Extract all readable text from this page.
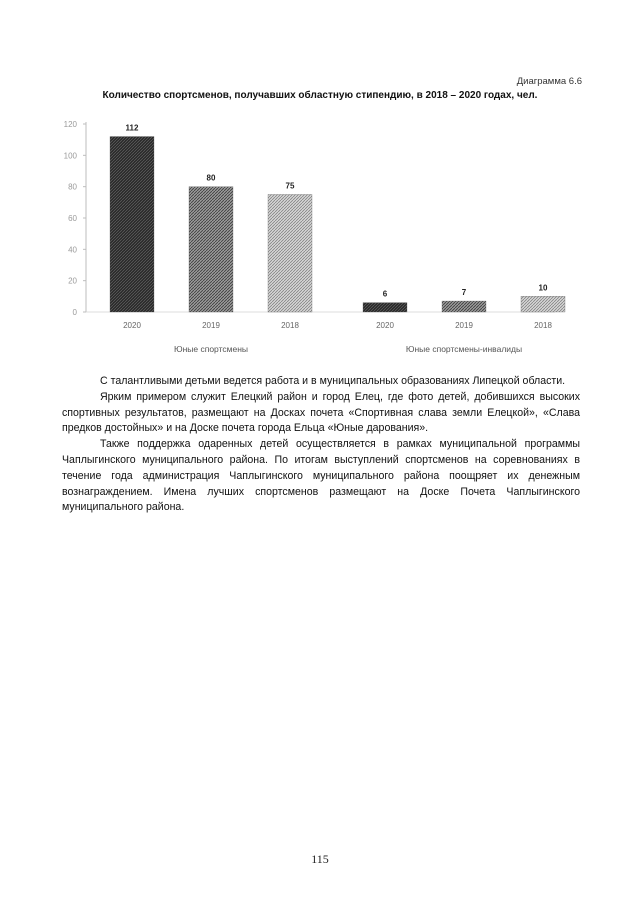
Диаграмма 6.6
Количество спортсменов, получавших областную стипендию, в 2018 – 2020 годах, чел.
0
20
40
60
80
100
120	112
80
75
6	7
10
2020	2019	2018	2020	2019	2018
Юные спортсмены	Юные спортсмены-инвалиды

С талантливыми детьми ведется работа и в муниципальных образованиях Липецкой области.

Ярким примером служит Елецкий район и город Елец, где фото детей, добившихся высоких спортивных результатов, размещают на Досках почета «Спортивная слава земли Елецкой», «Слава предков достойных» и на Доске почета города Ельца «Юные дарования».

Также поддержка одаренных детей осуществляется в рамках муниципальной программы Чаплыгинского муниципального района. По итогам выступлений спортсменов на соревнованиях в течение года администрация Чаплыгинского муниципального района поощряет их денежным вознаграждением. Имена лучших спортсменов размещают на Доске Почета Чаплыгинского муниципального района.

115
